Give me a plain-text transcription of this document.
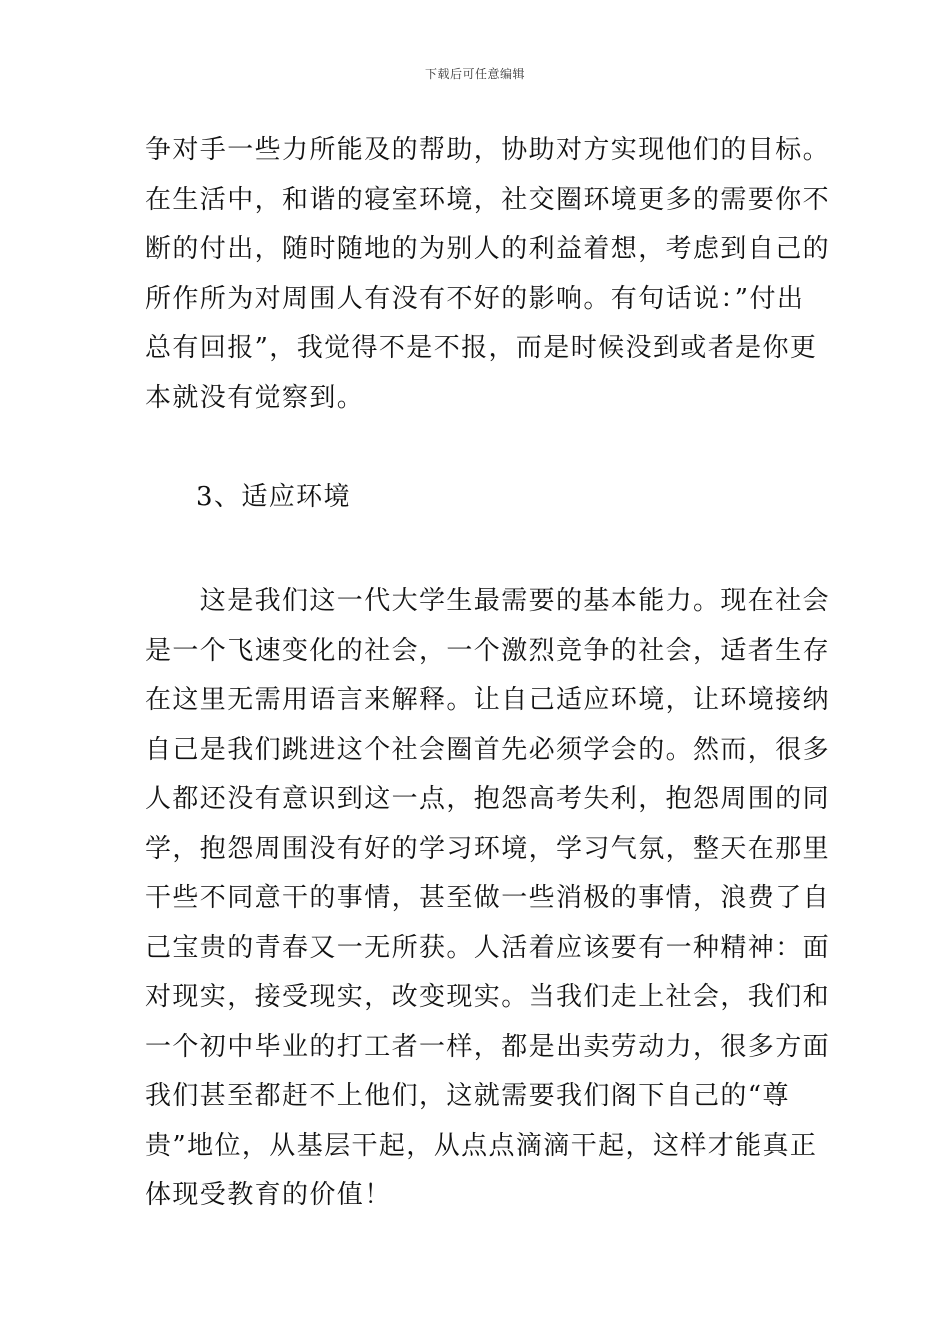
下载后可任意编辑
争对手一些力所能及的帮助，协助对方实现他们的目标。
在生活中，和谐的寝室环境，社交圈环境更多的需要你不
断的付出，随时随地的为别人的利益着想，考虑到自己的
所作所为对周围人有没有不好的影响。有句话说：”付出
总有回报”，我觉得不是不报，而是时候没到或者是你更
本就没有觉察到。
3、适应环境
　　这是我们这一代大学生最需要的基本能力。现在社会
是一个飞速变化的社会，一个激烈竞争的社会，适者生存
在这里无需用语言来解释。让自己适应环境，让环境接纳
自己是我们跳进这个社会圈首先必须学会的。然而，很多
人都还没有意识到这一点，抱怨高考失利，抱怨周围的同
学，抱怨周围没有好的学习环境，学习气氛，整天在那里
干些不同意干的事情，甚至做一些消极的事情，浪费了自
己宝贵的青春又一无所获。人活着应该要有一种精神：面
对现实，接受现实，改变现实。当我们走上社会，我们和
一个初中毕业的打工者一样，都是出卖劳动力，很多方面
我们甚至都赶不上他们，这就需要我们阁下自己的“尊
贵”地位，从基层干起，从点点滴滴干起，这样才能真正
体现受教育的价值！
